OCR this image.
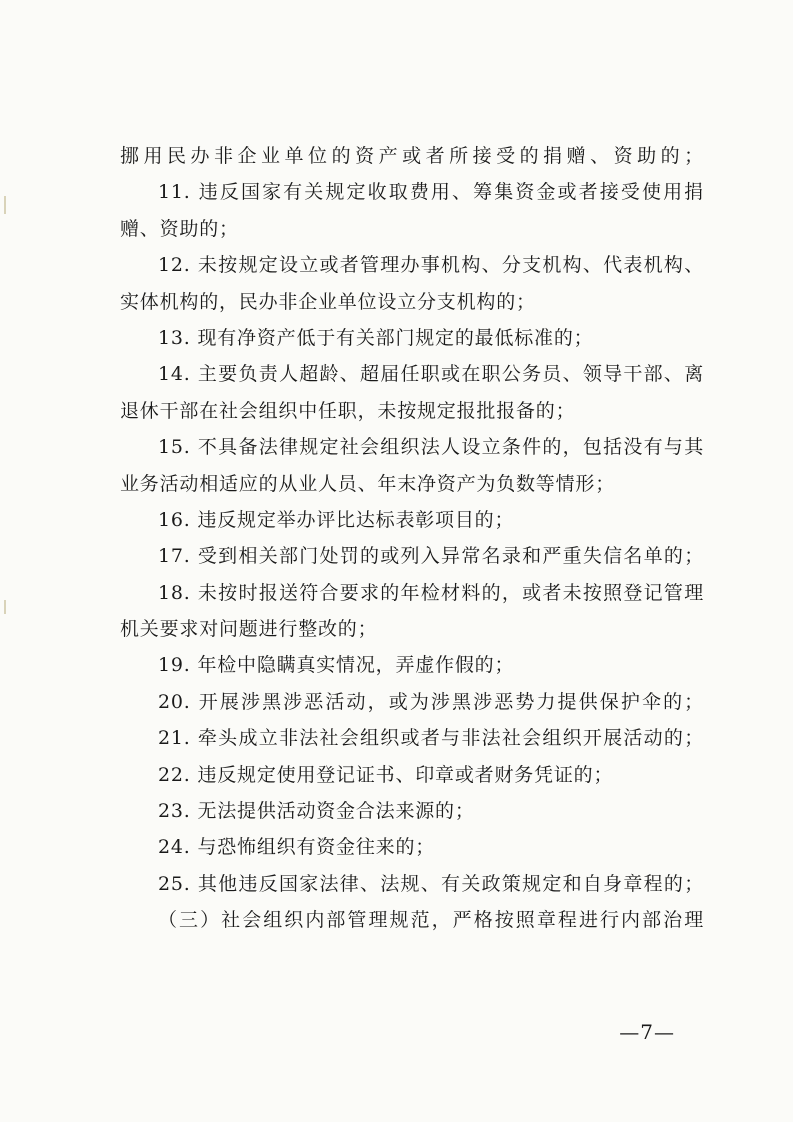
挪用民办非企业单位的资产或者所接受的捐赠、资助的；
11. 违反国家有关规定收取费用、筹集资金或者接受使用捐
赠、资助的；
12. 未按规定设立或者管理办事机构、分支机构、代表机构、
实体机构的，民办非企业单位设立分支机构的；
13. 现有净资产低于有关部门规定的最低标准的；
14. 主要负责人超龄、超届任职或在职公务员、领导干部、离
退休干部在社会组织中任职，未按规定报批报备的；
15. 不具备法律规定社会组织法人设立条件的，包括没有与其
业务活动相适应的从业人员、年末净资产为负数等情形；
16. 违反规定举办评比达标表彰项目的；
17. 受到相关部门处罚的或列入异常名录和严重失信名单的；
18. 未按时报送符合要求的年检材料的，或者未按照登记管理
机关要求对问题进行整改的；
19. 年检中隐瞒真实情况，弄虚作假的；
20. 开展涉黑涉恶活动，或为涉黑涉恶势力提供保护伞的；
21. 牵头成立非法社会组织或者与非法社会组织开展活动的；
22. 违反规定使用登记证书、印章或者财务凭证的；
23. 无法提供活动资金合法来源的；
24. 与恐怖组织有资金往来的；
25. 其他违反国家法律、法规、有关政策规定和自身章程的；
（三）社会组织内部管理规范，严格按照章程进行内部治理
—7—
